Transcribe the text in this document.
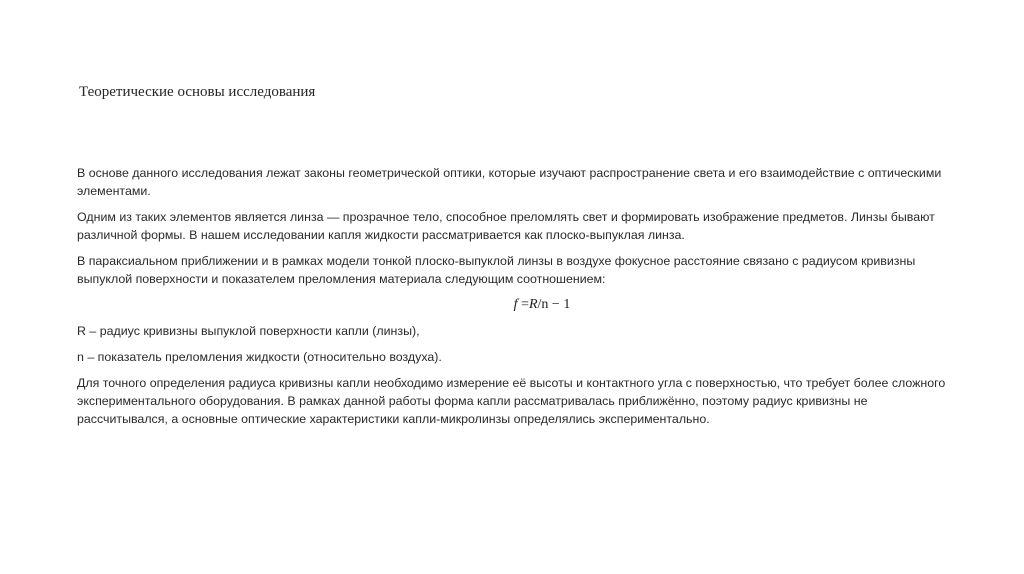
Теоретические основы исследования

В основе данного исследования лежат законы геометрической оптики, которые изучают распространение света и его взаимодействие с оптическими элементами.

Одним из таких элементов является линза — прозрачное тело, способное преломлять свет и формировать изображение предметов. Линзы бывают различной формы. В нашем исследовании капля жидкости рассматривается как плоско-выпуклая линза.

В параксиальном приближении и в рамках модели тонкой плоско-выпуклой линзы в воздухе фокусное расстояние связано с радиусом кривизны выпуклой поверхности и показателем преломления материала следующим соотношением:

f =R/n − 1

R – радиус кривизны выпуклой поверхности капли (линзы),

n – показатель преломления жидкости (относительно воздуха).

Для точного определения радиуса кривизны капли необходимо измерение её высоты и контактного угла с поверхностью, что требует более сложного экспериментального оборудования. В рамках данной работы форма капли рассматривалась приближённо, поэтому радиус кривизны не рассчитывался, а основные оптические характеристики капли-микролинзы определялись экспериментально.
